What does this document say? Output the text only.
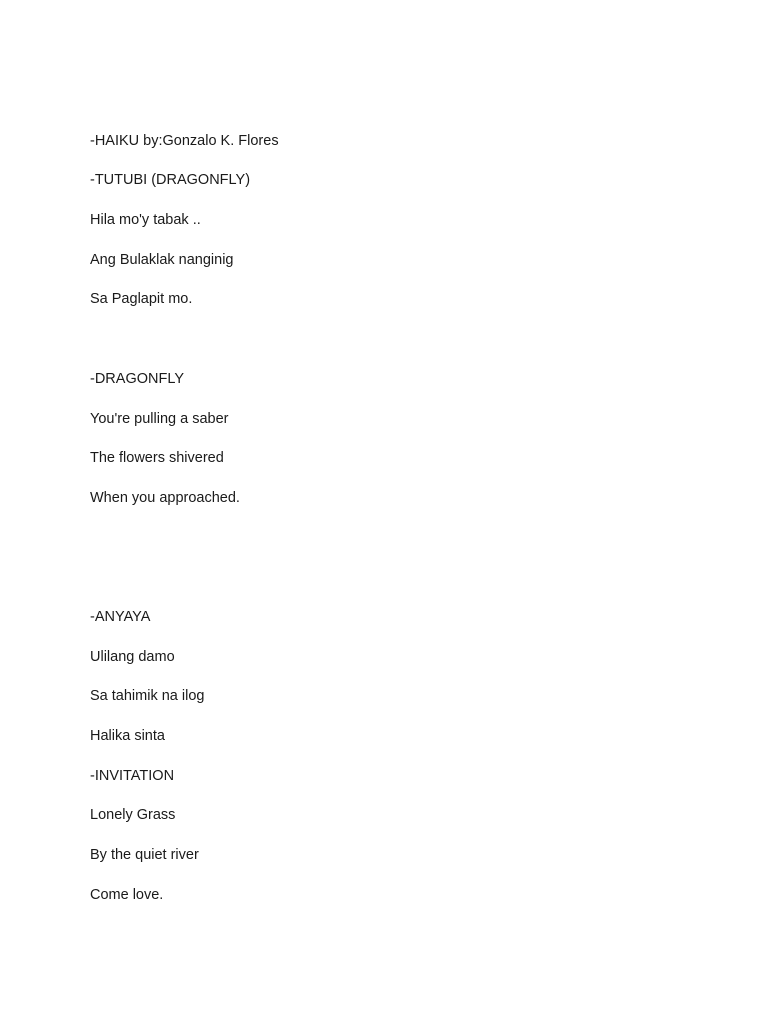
-HAIKU by:Gonzalo K. Flores

-TUTUBI (DRAGONFLY)

Hila mo'y tabak ..

Ang Bulaklak nanginig

Sa Paglapit mo.

-DRAGONFLY

You're pulling a saber

The flowers shivered

When you approached.

-ANYAYA

Ulilang damo

Sa tahimik na ilog

Halika sinta

-INVITATION

Lonely Grass

By the quiet river

Come love.
